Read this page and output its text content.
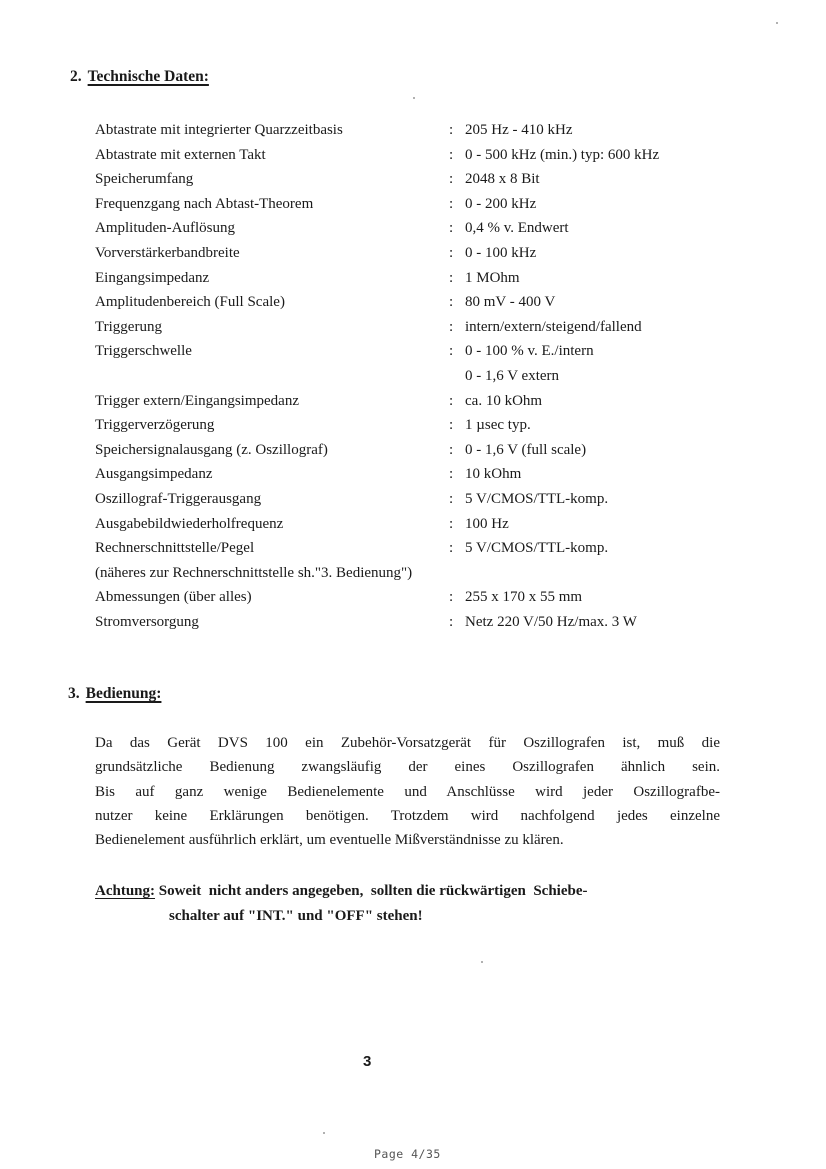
2. Technische Daten:
Abtastrate mit integrierter Quarzzeitbasis	: 205 Hz - 410 kHz
Abtastrate mit externen Takt	: 0 - 500 kHz (min.) typ: 600 kHz
Speicherumfang	: 2048 x 8 Bit
Frequenzgang nach Abtast-Theorem	: 0 - 200 kHz
Amplituden-Auflösung	: 0,4 % v. Endwert
Vorverstärkerbandbreite	: 0 - 100 kHz
Eingangsimpedanz	: 1 MOhm
Amplitudenbereich (Full Scale)	: 80 mV - 400 V
Triggerung	: intern/extern/steigend/fallend
Triggerschwelle	: 0 - 100 % v. E./intern
0 - 1,6 V extern
Trigger extern/Eingangsimpedanz	: ca. 10 kOhm
Triggerverzögerung	: 1 µsec typ.
Speichersignalausgang (z. Oszillograf)	: 0 - 1,6 V (full scale)
Ausgangsimpedanz	: 10 kOhm
Oszillograf-Triggerausgang	: 5 V/CMOS/TTL-komp.
Ausgabebildwiederholfrequenz	: 100 Hz
Rechnerschnittstelle/Pegel	: 5 V/CMOS/TTL-komp.
(näheres zur Rechnerschnittstelle sh."3. Bedienung")
Abmessungen (über alles)	: 255 x 170 x 55 mm
Stromversorgung	: Netz 220 V/50 Hz/max. 3 W
3. Bedienung:
Da das Gerät DVS 100 ein Zubehör-Vorsatzgerät für Oszillografen ist, muß die
grundsätzliche Bedienung zwangsläufig der eines Oszillografen ähnlich sein.
Bis auf ganz wenige Bedienelemente und Anschlüsse wird jeder Oszillografbe-
nutzer keine Erklärungen benötigen. Trotzdem wird nachfolgend jedes einzelne
Bedienelement ausführlich erklärt, um eventuelle Mißverständnisse zu klären.
Achtung: Soweit  nicht anders angegeben,  sollten die rückwärtigen  Schiebe-
schalter auf "INT." und "OFF" stehen!
3
Page 4/35
